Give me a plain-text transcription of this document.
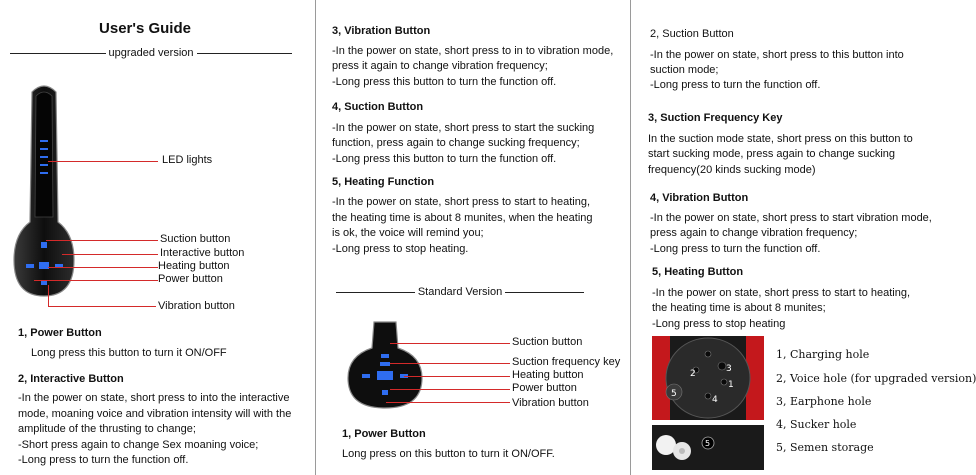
User's Guide
upgraded version
LED lights
Suction button
Interactive button
Heating button
Power button
Vibration button
1, Power Button
Long press this button to turn it ON/OFF
2, Interactive Button
-In the power on state, short press to into the interactive
mode, moaning voice and vibration intensity will with the
amplitude of the thrusting to change;
-Short press again to change Sex moaning voice;
-Long press to turn the function off.
3, Vibration Button
-In the power on state, short press to in to vibration mode,
press it again to change vibration frequency;
-Long press this button to turn the function off.
4, Suction Button
-In the power on state, short press to start the sucking
function, press again to change sucking frequency;
-Long press this button to turn the function off.
5, Heating Function
-In the power on state, short press to start to heating,
the heating time is about 8 munites, when the heating
is ok, the voice will remind you;
-Long press to stop heating.
Standard Version
Suction button
Suction frequency key
Heating button
Power button
Vibration button
1, Power Button
Long press on this button to turn it ON/OFF.
2, Suction Button
-In the power on state, short press to this button into
suction mode;
-Long press to turn the function off.
3, Suction Frequency Key
In the suction mode state, short press on this button to
start sucking mode, press again to change sucking
frequency(20 kinds sucking mode)
4, Vibration Button
-In the power on state, short press to start vibration mode,
press again to change vibration frequency;
-Long press to turn the function off.
5, Heating Button
-In the power on state, short press to start to heating,
the heating time is about 8 munites;
-Long press to stop heating
1
2	3
4
5
5
1, Charging hole
2, Voice hole (for upgraded version)
3, Earphone hole
4, Sucker hole
5, Semen storage
